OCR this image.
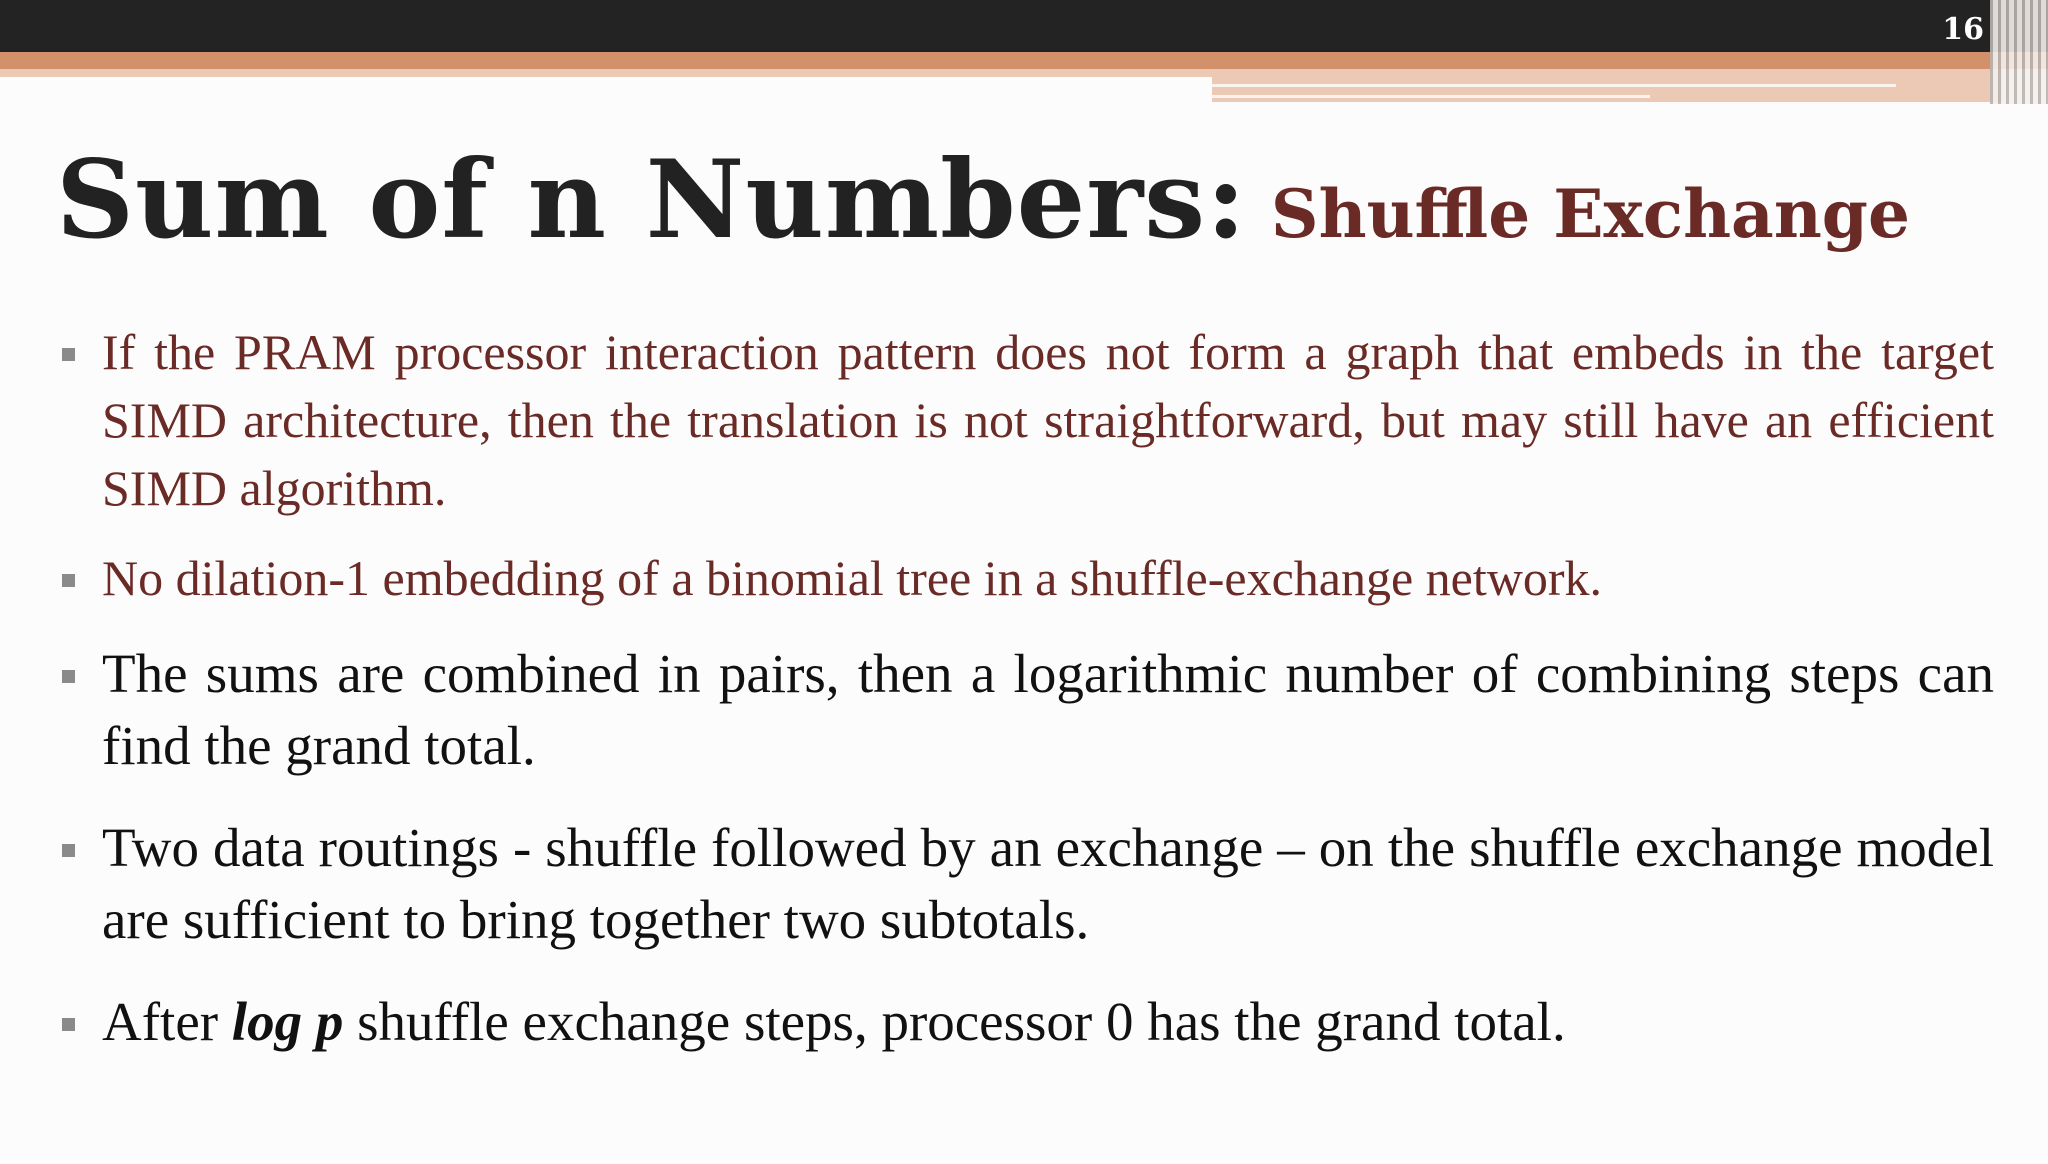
16

Sum of n Numbers: Shuffle Exchange
If the PRAM processor interaction pattern does not form a graph that embeds in the target SIMD architecture, then the translation is not straightforward, but may still have an efficient SIMD algorithm.
No dilation-1 embedding of a binomial tree in a shuffle-exchange network.
The sums are combined in pairs, then a logarithmic number of combining steps can find the grand total.
Two data routings - shuffle followed by an exchange – on the shuffle exchange model are sufficient to bring together two subtotals.
After log p shuffle exchange steps, processor 0 has the grand total.
